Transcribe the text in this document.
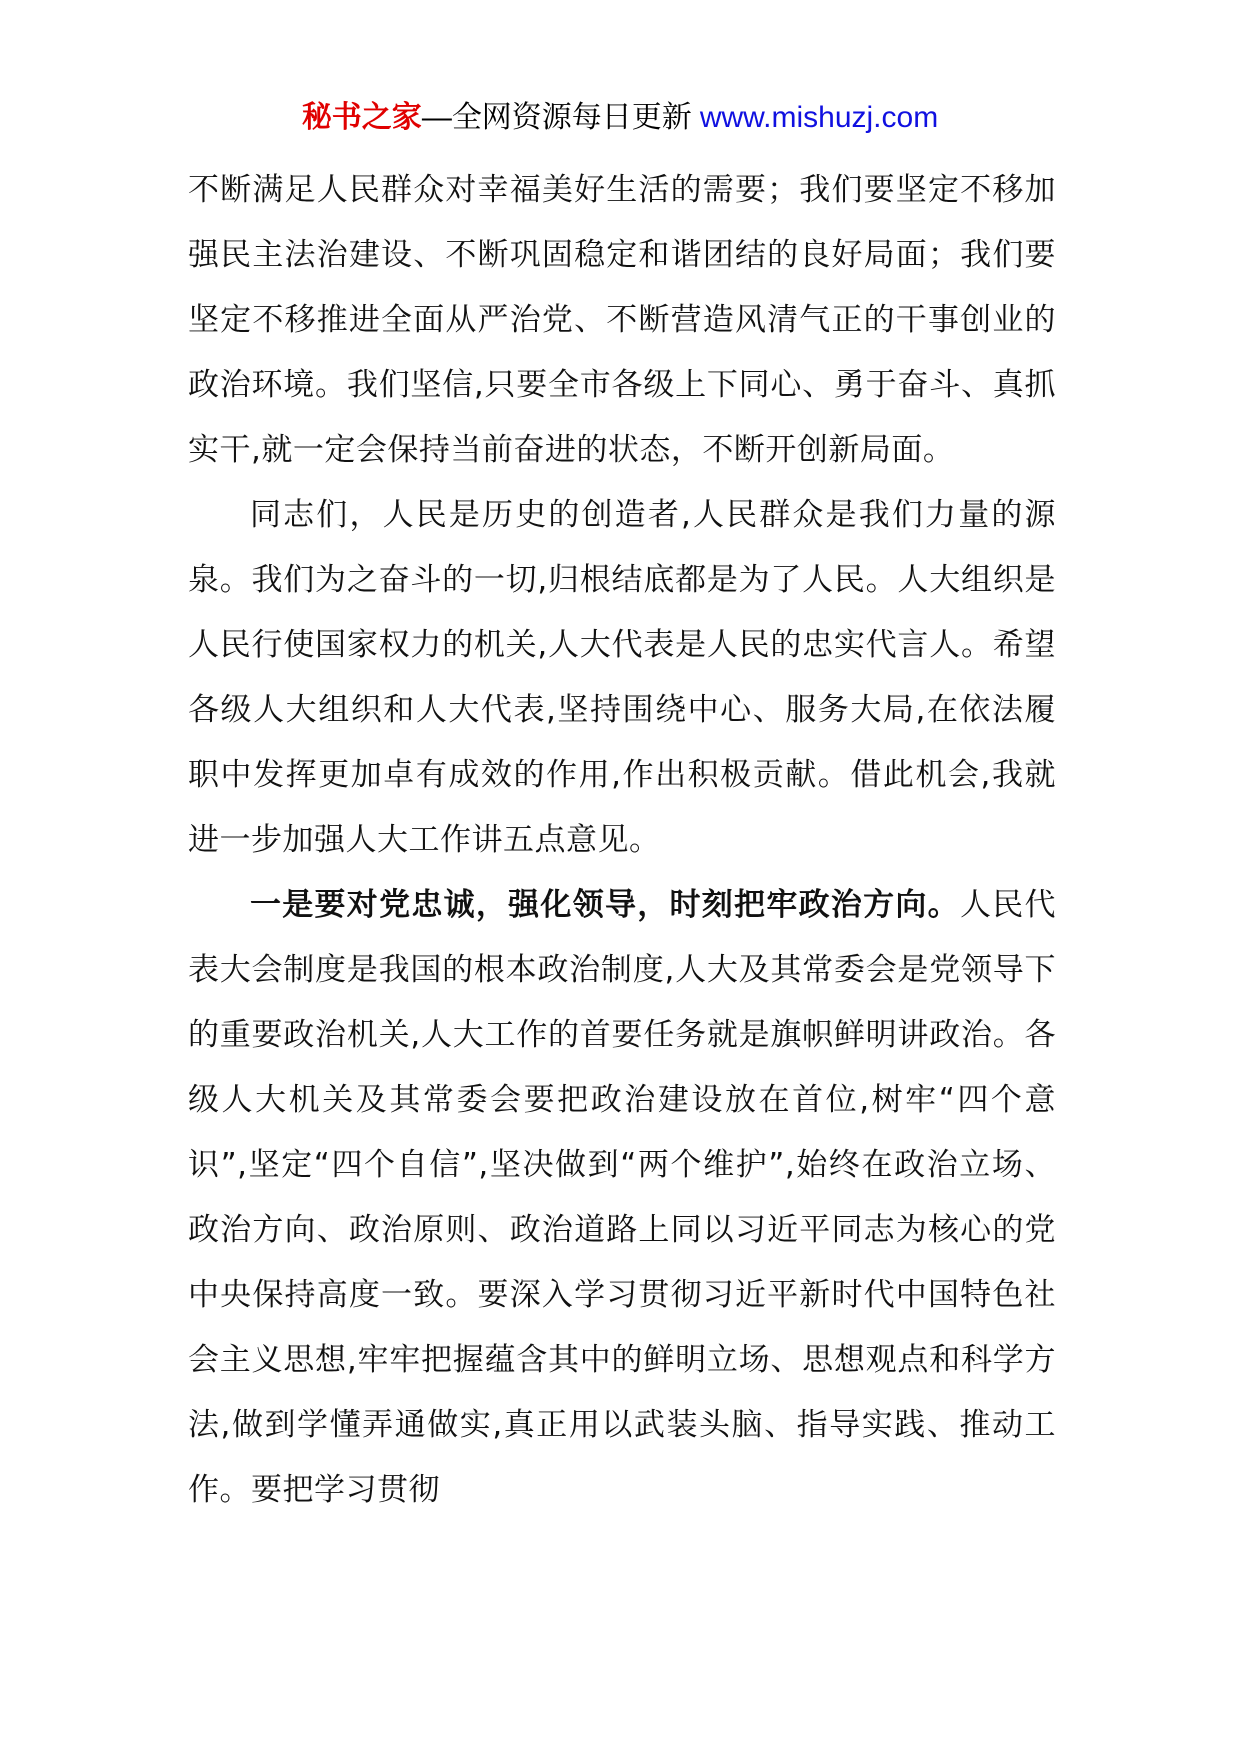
秘书之家—全网资源每日更新 www.mishuzj.com

不断满足人民群众对幸福美好生活的需要；我们要坚定不移加强民主法治建设、不断巩固稳定和谐团结的良好局面；我们要坚定不移推进全面从严治党、不断营造风清气正的干事创业的政治环境。我们坚信,只要全市各级上下同心、勇于奋斗、真抓实干,就一定会保持当前奋进的状态，不断开创新局面。

同志们，人民是历史的创造者,人民群众是我们力量的源泉。我们为之奋斗的一切,归根结底都是为了人民。人大组织是人民行使国家权力的机关,人大代表是人民的忠实代言人。希望各级人大组织和人大代表,坚持围绕中心、服务大局,在依法履职中发挥更加卓有成效的作用,作出积极贡献。借此机会,我就进一步加强人大工作讲五点意见。

一是要对党忠诚，强化领导，时刻把牢政治方向。人民代表大会制度是我国的根本政治制度,人大及其常委会是党领导下的重要政治机关,人大工作的首要任务就是旗帜鲜明讲政治。各级人大机关及其常委会要把政治建设放在首位,树牢“四个意识”,坚定“四个自信”,坚决做到“两个维护”,始终在政治立场、政治方向、政治原则、政治道路上同以习近平同志为核心的党中央保持高度一致。要深入学习贯彻习近平新时代中国特色社会主义思想,牢牢把握蕴含其中的鲜明立场、思想观点和科学方法,做到学懂弄通做实,真正用以武装头脑、指导实践、推动工作。要把学习贯彻
